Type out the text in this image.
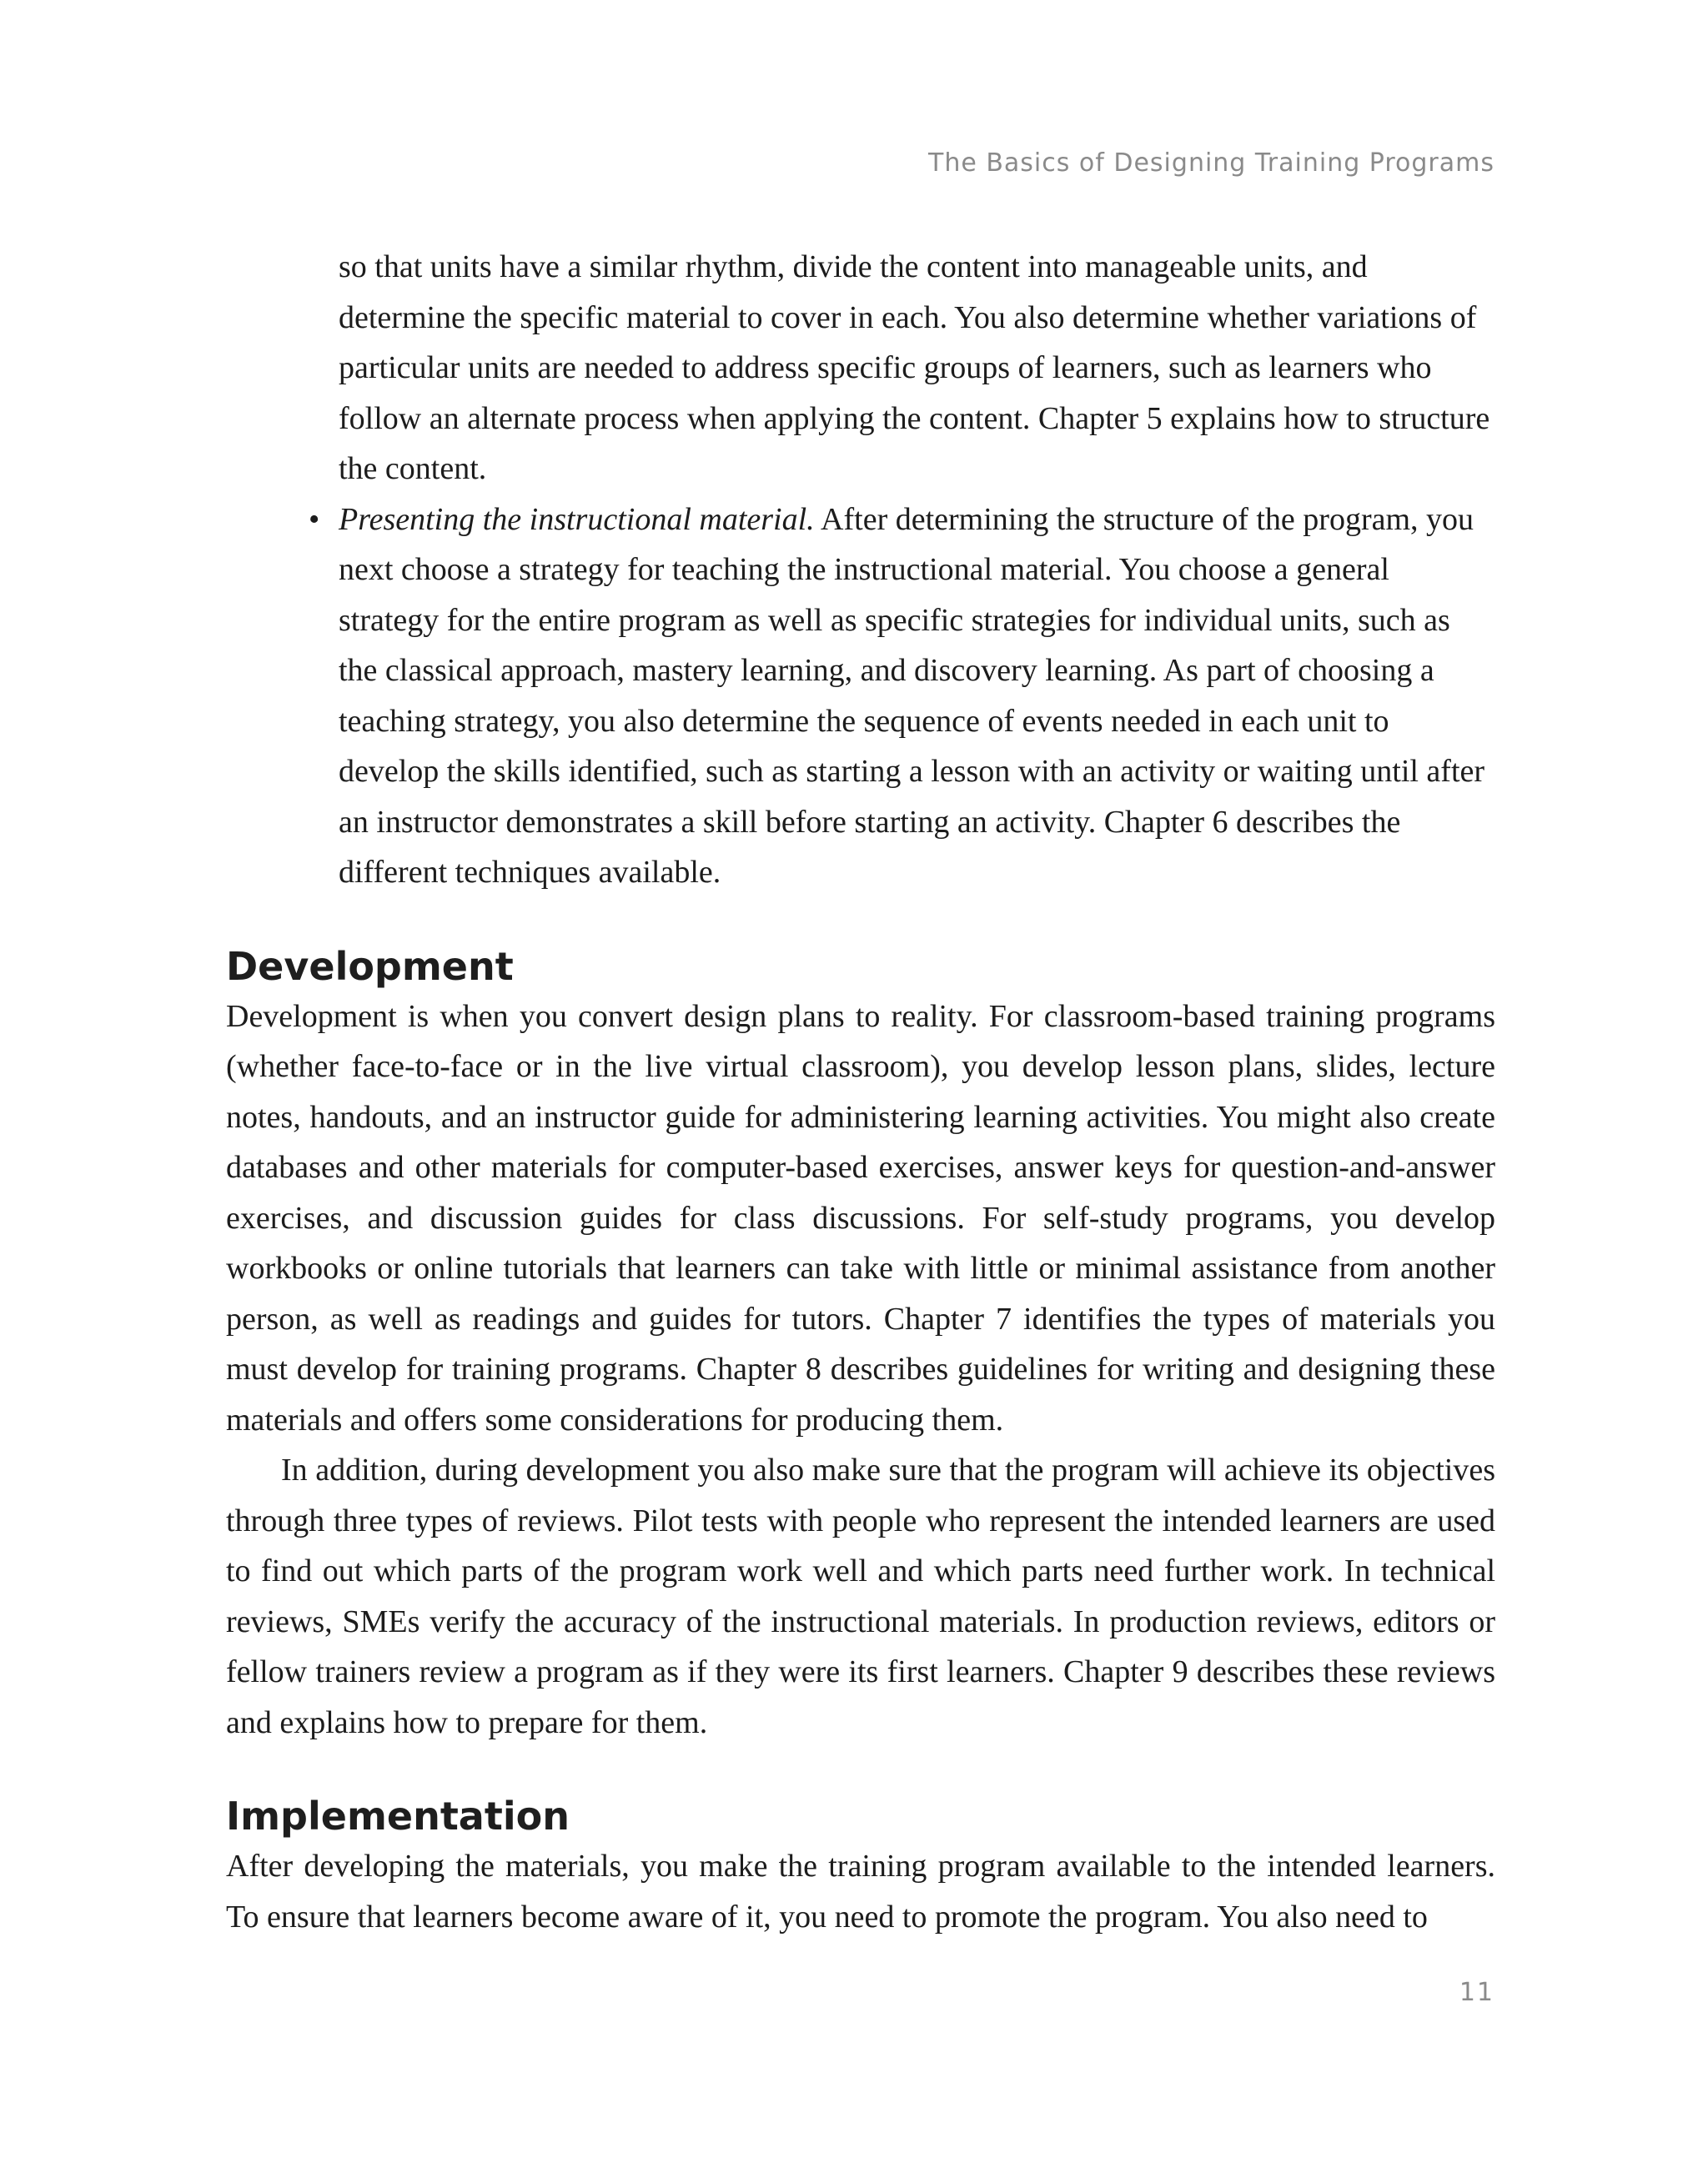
The Basics of Designing Training Programs

so that units have a similar rhythm, divide the content into manageable units, and determine the specific material to cover in each. You also determine whether variations of particular units are needed to address specific groups of learners, such as learners who follow an alternate process when applying the content. Chapter 5 explains how to structure the content.

• Presenting the instructional material. After determining the structure of the program, you next choose a strategy for teaching the instructional material. You choose a general strategy for the entire program as well as specific strategies for individual units, such as the classical approach, mastery learning, and discovery learning. As part of choosing a teaching strategy, you also determine the sequence of events needed in each unit to develop the skills identified, such as starting a lesson with an activity or waiting until after an instructor demonstrates a skill before starting an activity. Chapter 6 describes the different techniques available.
Development

Development is when you convert design plans to reality. For classroom-based training programs (whether face-to-face or in the live virtual classroom), you develop lesson plans, slides, lecture notes, handouts, and an instructor guide for administering learning activities. You might also create databases and other materials for computer-based exercises, answer keys for question-and-answer exercises, and discussion guides for class discussions. For self-study programs, you develop workbooks or online tutorials that learners can take with little or minimal assistance from another person, as well as readings and guides for tutors. Chapter 7 identifies the types of materials you must develop for training programs. Chapter 8 describes guidelines for writing and designing these materials and offers some considerations for producing them.

In addition, during development you also make sure that the program will achieve its objectives through three types of reviews. Pilot tests with people who represent the intended learners are used to find out which parts of the program work well and which parts need further work. In technical reviews, SMEs verify the accuracy of the instructional materials. In production reviews, editors or fellow trainers review a program as if they were its first learners. Chapter 9 describes these reviews and explains how to prepare for them.

Implementation

After developing the materials, you make the training program available to the intended learners. To ensure that learners become aware of it, you need to promote the program. You also need to

11
